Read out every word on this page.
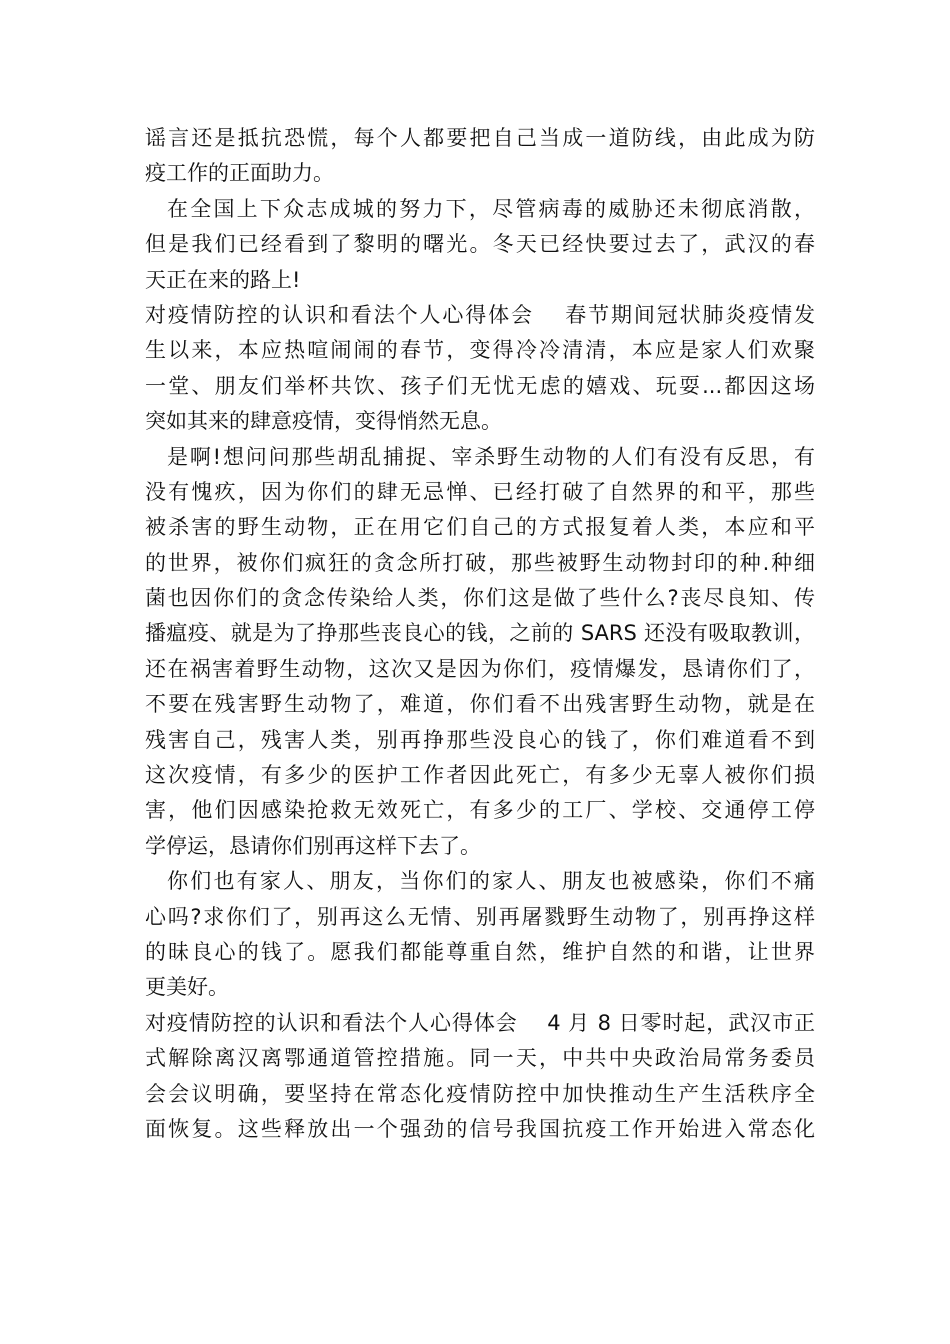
谣言还是抵抗恐慌，每个人都要把自己当成一道防线，由此成为防
疫工作的正面助力。
在全国上下众志成城的努力下，尽管病毒的威胁还未彻底消散，
但是我们已经看到了黎明的曙光。冬天已经快要过去了，武汉的春
天正在来的路上!
对疫情防控的认识和看法个人心得体会　 春节期间冠状肺炎疫情发
生以来，本应热喧闹闹的春节，变得冷冷清清，本应是家人们欢聚
一堂、朋友们举杯共饮、孩子们无忧无虑的嬉戏、玩耍...都因这场
突如其来的肆意疫情，变得悄然无息。
是啊!想问问那些胡乱捕捉、宰杀野生动物的人们有没有反思，有
没有愧疚，因为你们的肆无忌惮、已经打破了自然界的和平，那些
被杀害的野生动物，正在用它们自己的方式报复着人类，本应和平
的世界，被你们疯狂的贪念所打破，那些被野生动物封印的种.种细
菌也因你们的贪念传染给人类，你们这是做了些什么?丧尽良知、传
播瘟疫、就是为了挣那些丧良心的钱，之前的 SARS 还没有吸取教训，
还在祸害着野生动物，这次又是因为你们，疫情爆发，恳请你们了，
不要在残害野生动物了，难道，你们看不出残害野生动物，就是在
残害自己，残害人类，别再挣那些没良心的钱了，你们难道看不到
这次疫情，有多少的医护工作者因此死亡，有多少无辜人被你们损
害，他们因感染抢救无效死亡，有多少的工厂、学校、交通停工停
学停运，恳请你们别再这样下去了。
你们也有家人、朋友，当你们的家人、朋友也被感染，你们不痛
心吗?求你们了，别再这么无情、别再屠戮野生动物了，别再挣这样
的昧良心的钱了。愿我们都能尊重自然，维护自然的和谐，让世界
更美好。
对疫情防控的认识和看法个人心得体会　 4 月 8 日零时起，武汉市正
式解除离汉离鄂通道管控措施。同一天，中共中央政治局常务委员
会会议明确，要坚持在常态化疫情防控中加快推动生产生活秩序全
面恢复。这些释放出一个强劲的信号我国抗疫工作开始进入常态化
